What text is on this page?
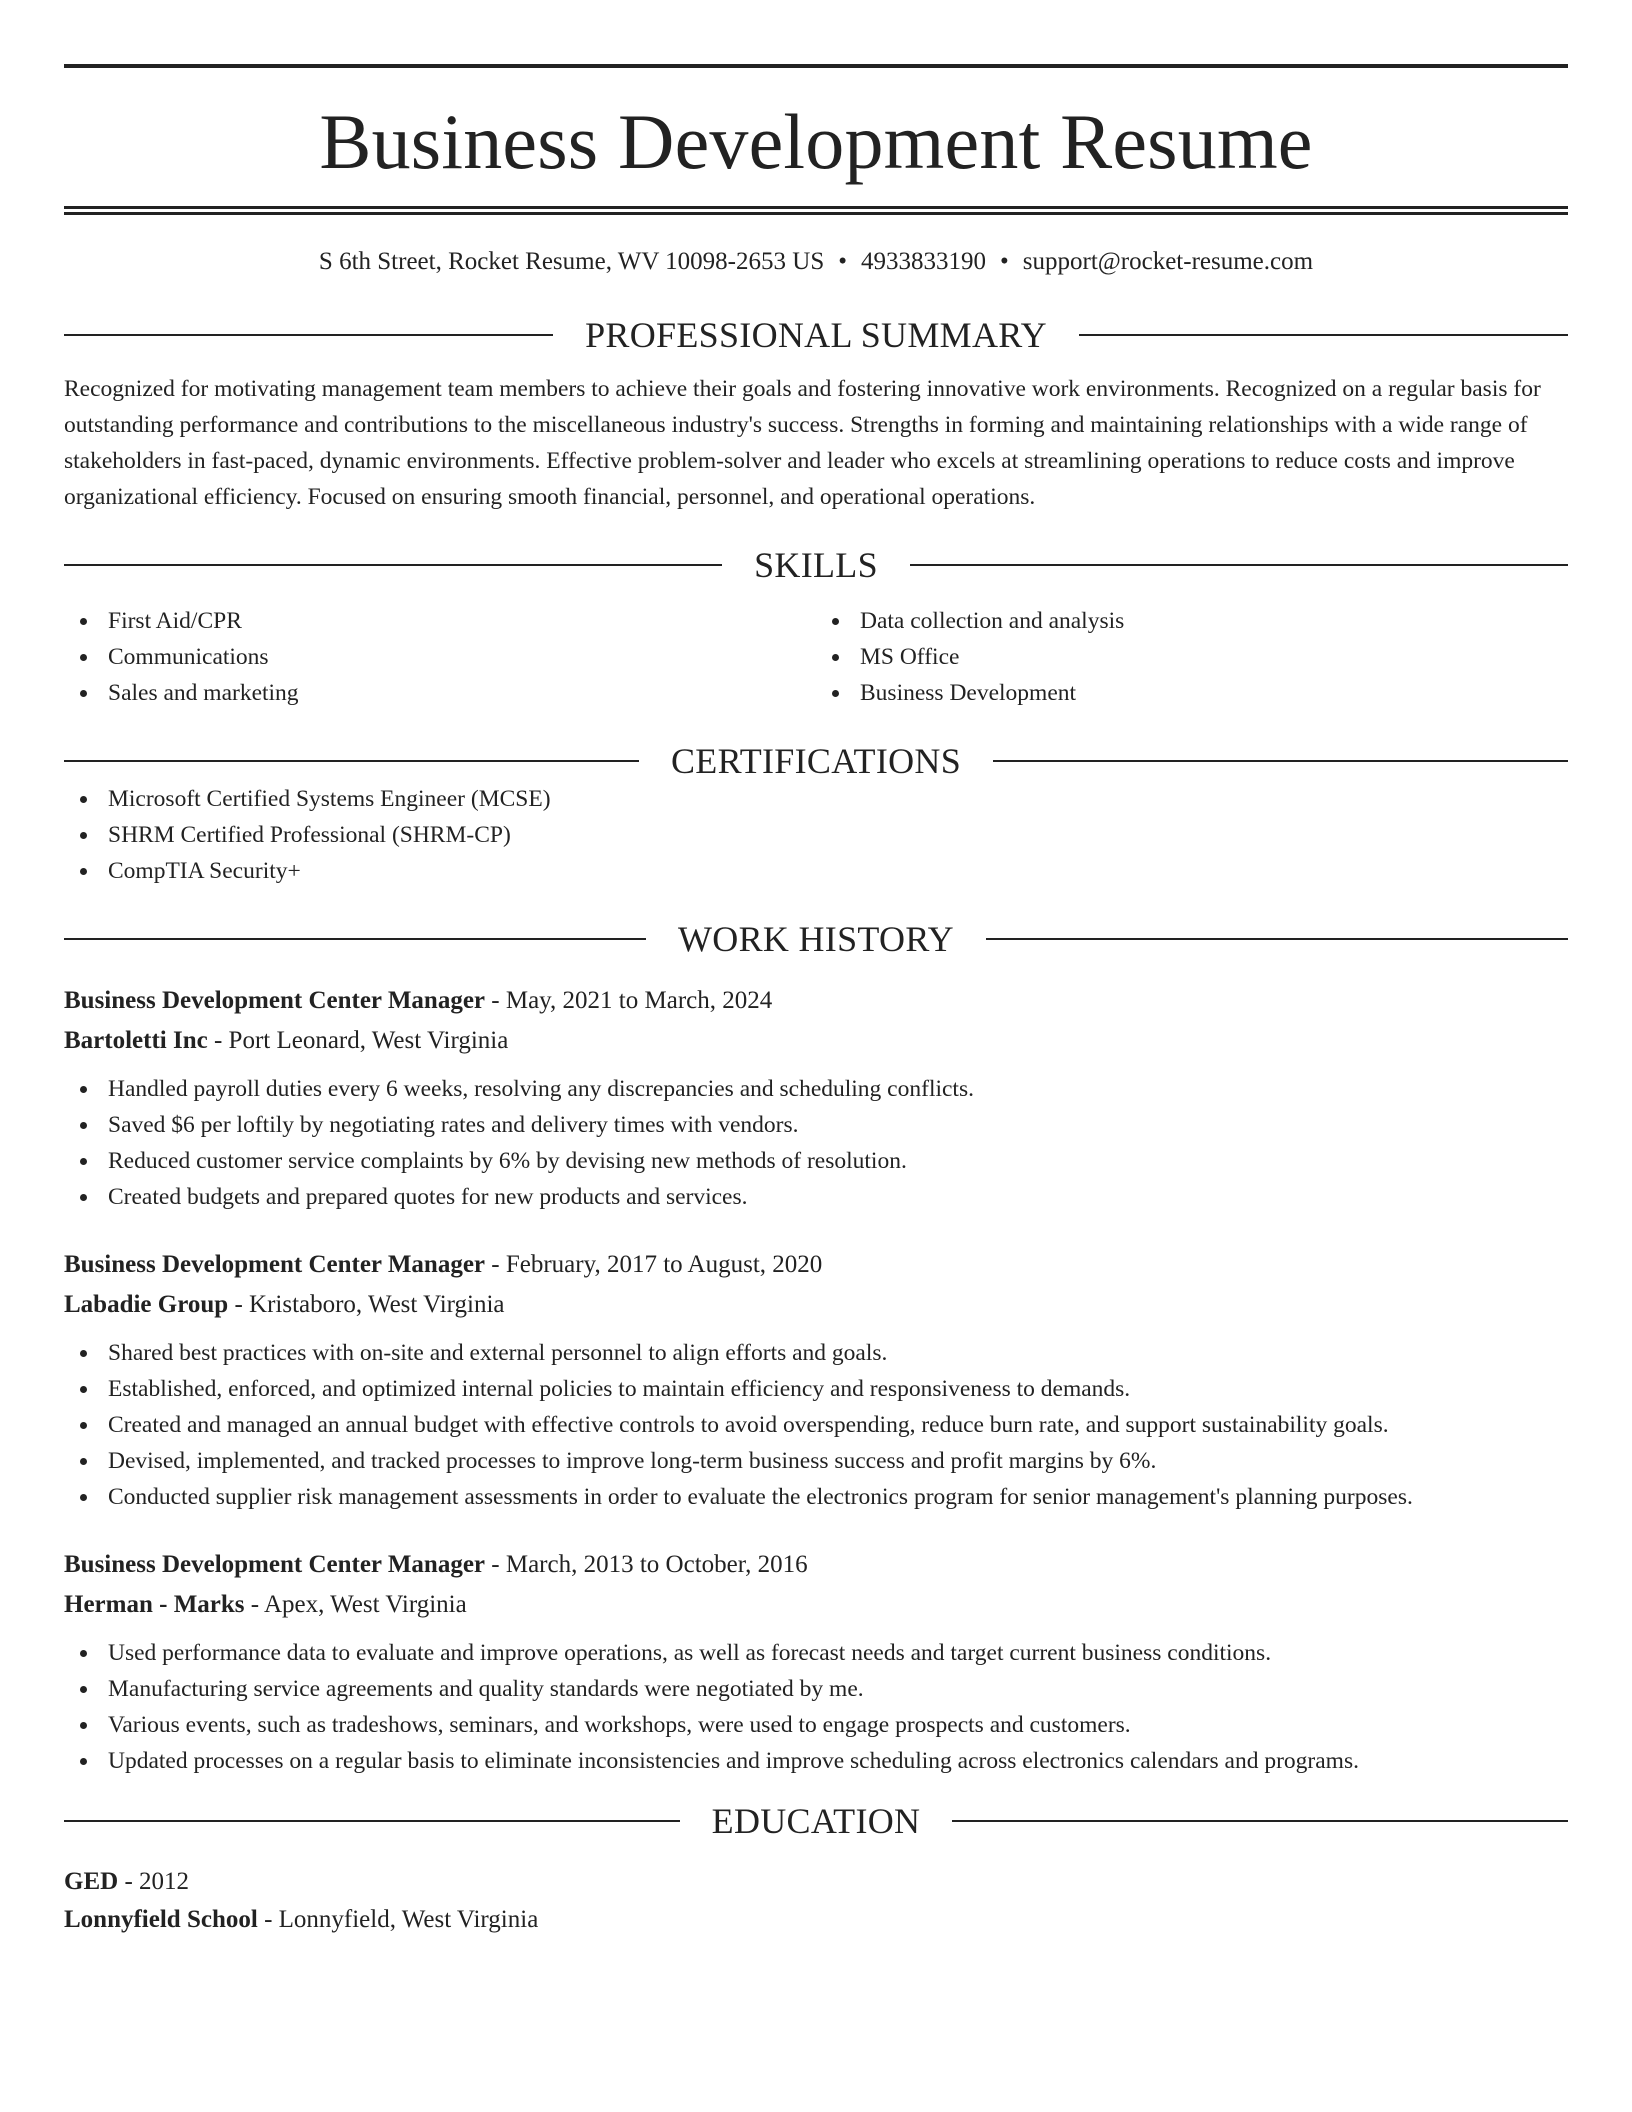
Business Development Resume
S 6th Street, Rocket Resume, WV 10098-2653 US • 4933833190 • support@rocket-resume.com
PROFESSIONAL SUMMARY
Recognized for motivating management team members to achieve their goals and fostering innovative work environments. Recognized on a regular basis for outstanding performance and contributions to the miscellaneous industry's success. Strengths in forming and maintaining relationships with a wide range of stakeholders in fast-paced, dynamic environments. Effective problem-solver and leader who excels at streamlining operations to reduce costs and improve organizational efficiency. Focused on ensuring smooth financial, personnel, and operational operations.
SKILLS
First Aid/CPR
Communications
Sales and marketing
Data collection and analysis
MS Office
Business Development
CERTIFICATIONS
Microsoft Certified Systems Engineer (MCSE)
SHRM Certified Professional (SHRM-CP)
CompTIA Security+
WORK HISTORY
Business Development Center Manager - May, 2021 to March, 2024
Bartoletti Inc - Port Leonard, West Virginia
Handled payroll duties every 6 weeks, resolving any discrepancies and scheduling conflicts.
Saved $6 per loftily by negotiating rates and delivery times with vendors.
Reduced customer service complaints by 6% by devising new methods of resolution.
Created budgets and prepared quotes for new products and services.
Business Development Center Manager - February, 2017 to August, 2020
Labadie Group - Kristaboro, West Virginia
Shared best practices with on-site and external personnel to align efforts and goals.
Established, enforced, and optimized internal policies to maintain efficiency and responsiveness to demands.
Created and managed an annual budget with effective controls to avoid overspending, reduce burn rate, and support sustainability goals.
Devised, implemented, and tracked processes to improve long-term business success and profit margins by 6%.
Conducted supplier risk management assessments in order to evaluate the electronics program for senior management's planning purposes.
Business Development Center Manager - March, 2013 to October, 2016
Herman - Marks - Apex, West Virginia
Used performance data to evaluate and improve operations, as well as forecast needs and target current business conditions.
Manufacturing service agreements and quality standards were negotiated by me.
Various events, such as tradeshows, seminars, and workshops, were used to engage prospects and customers.
Updated processes on a regular basis to eliminate inconsistencies and improve scheduling across electronics calendars and programs.
EDUCATION
GED - 2012
Lonnyfield School - Lonnyfield, West Virginia
